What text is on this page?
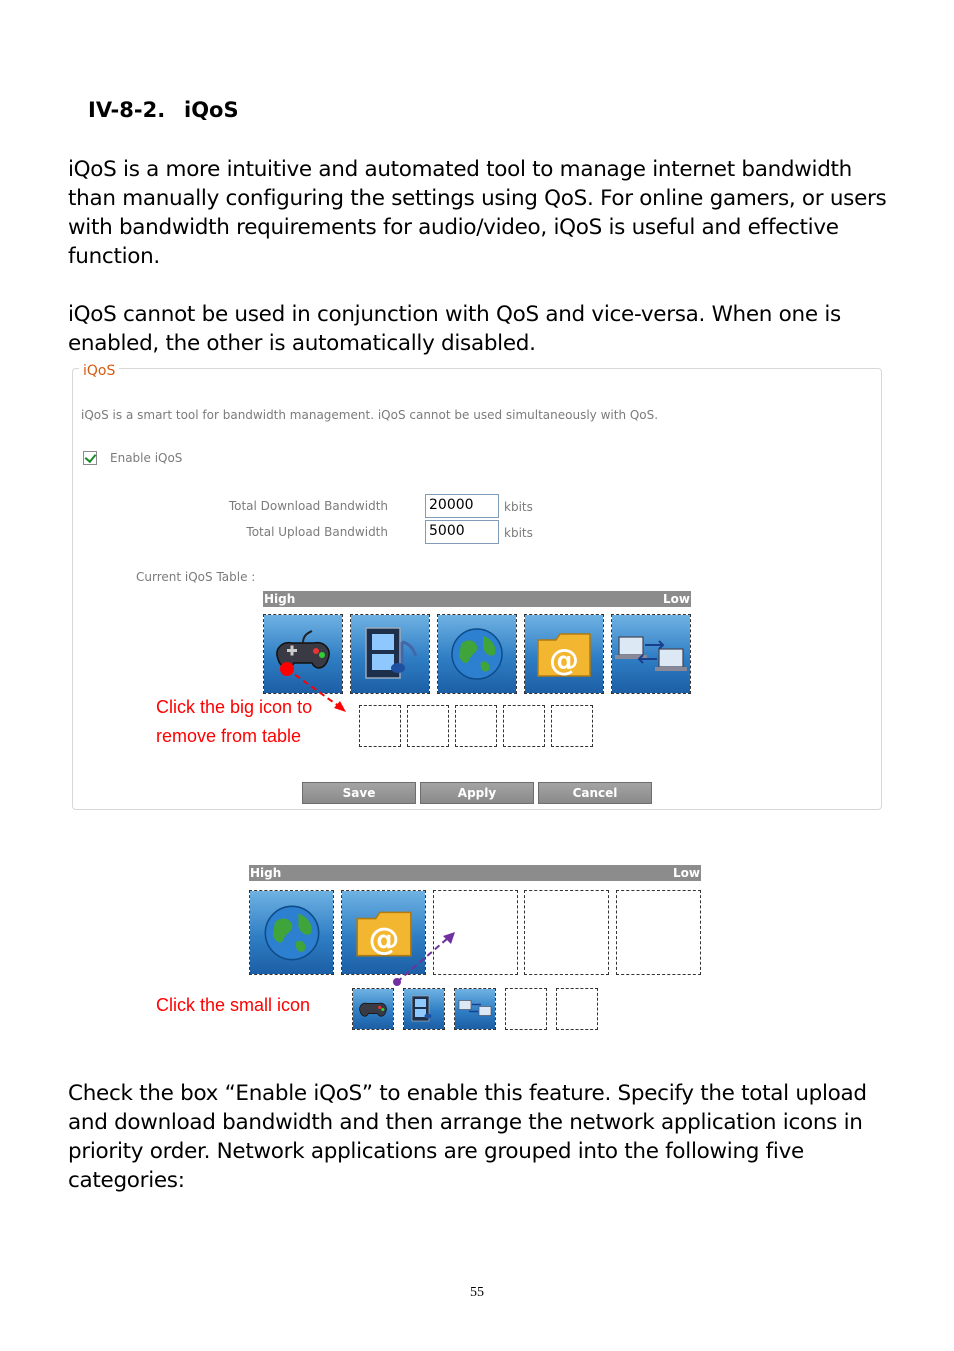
IV-8-2. iQoS

iQoS is a more intuitive and automated tool to manage internet bandwidth than manually configuring the settings using QoS. For online gamers, or users with bandwidth requirements for audio/video, iQoS is useful and effective function.

iQoS cannot be used in conjunction with QoS and vice-versa. When one is enabled, the other is automatically disabled.

iQoS
iQoS is a smart tool for bandwidth management. iQoS cannot be used simultaneously with QoS.
Enable iQoS
Total Download Bandwidth	20000	kbits
Total Upload Bandwidth	5000	kbits
Current iQoS Table :
High	Low
@
Save	Apply	Cancel
Click the big icon to remove from table
High	Low
@
Click the small icon

Check the box “Enable iQoS” to enable this feature. Specify the total upload and download bandwidth and then arrange the network application icons in priority order. Network applications are grouped into the following five categories:

55
